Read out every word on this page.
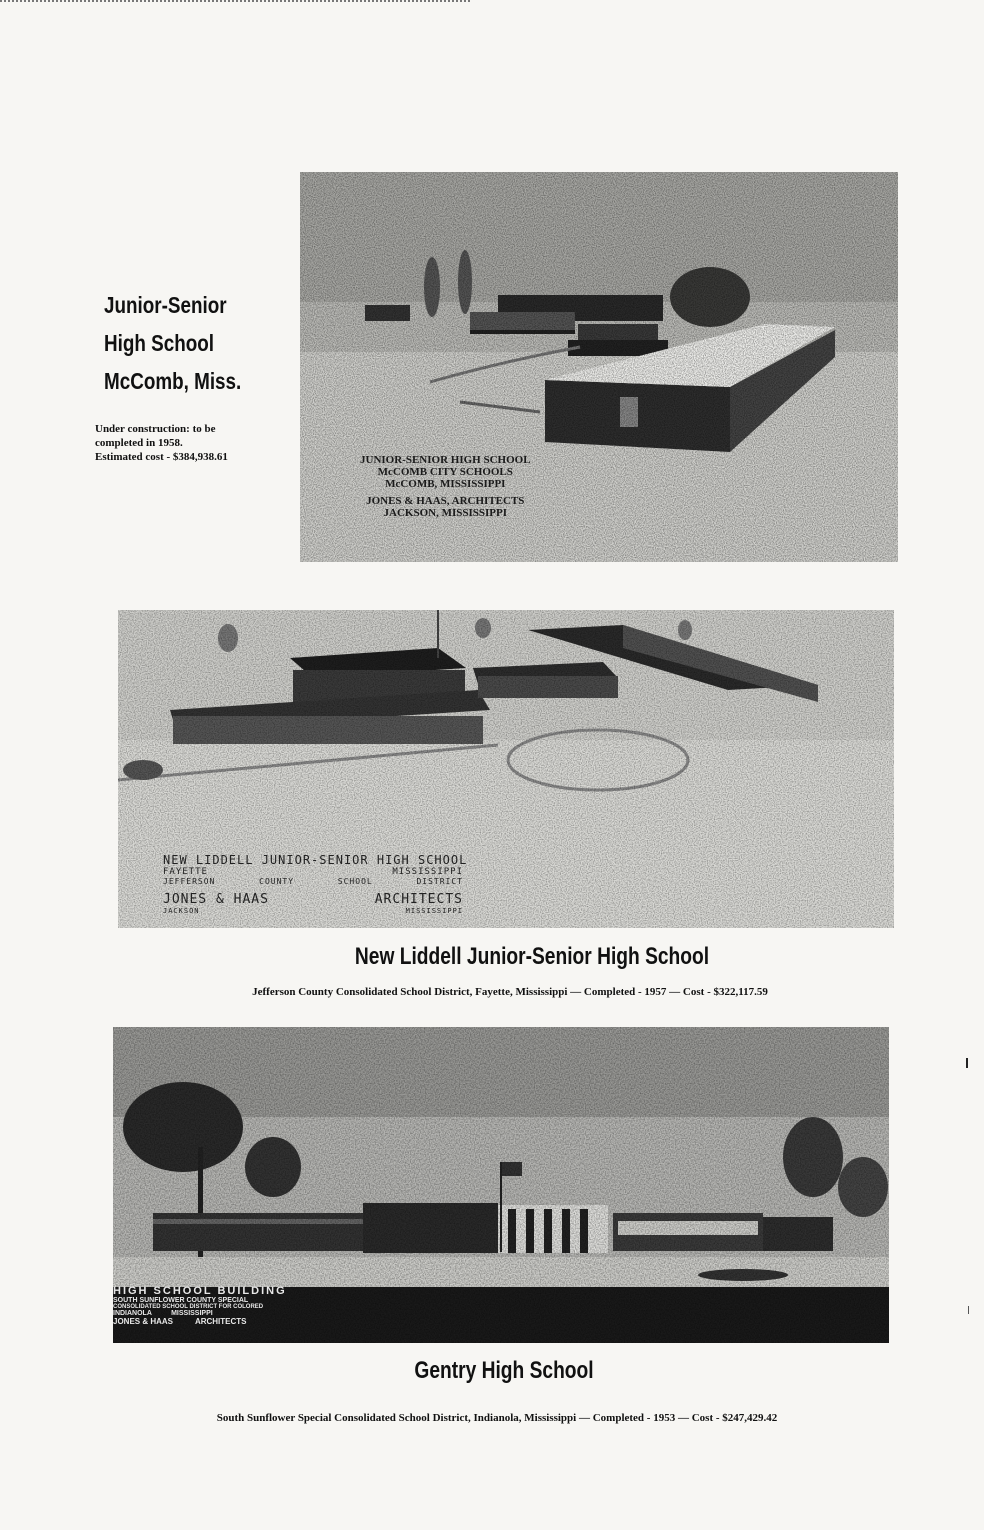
Junior-Senior
High School
McComb, Miss.
Under construction: to be
completed in 1958.
Estimated cost - $384,938.61	JUNIOR-SENIOR HIGH SCHOOL
McCOMB CITY SCHOOLS
McCOMB, MISSISSIPPI
JONES & HAAS, ARCHITECTS
JACKSON, MISSISSIPPI
NEW LIDDELL JUNIOR-SENIOR HIGH SCHOOL
FAYETTE	MISSISSIPPI
JEFFERSON	COUNTY	SCHOOL	DISTRICT
JONES & HAAS	ARCHITECTS
JACKSON	MISSISSIPPI
New Liddell Junior-Senior High School
Jefferson County Consolidated School District, Fayette, Mississippi — Completed - 1957 — Cost - $322,117.59
HIGH SCHOOL BUILDING
SOUTH SUNFLOWER COUNTY SPECIAL
CONSOLIDATED SCHOOL DISTRICT FOR COLORED
INDIANOLA          MISSISSIPPI
JONES & HAAS          ARCHITECTS
Gentry High School
South Sunflower Special Consolidated School District, Indianola, Mississippi — Completed - 1953 — Cost - $247,429.42
